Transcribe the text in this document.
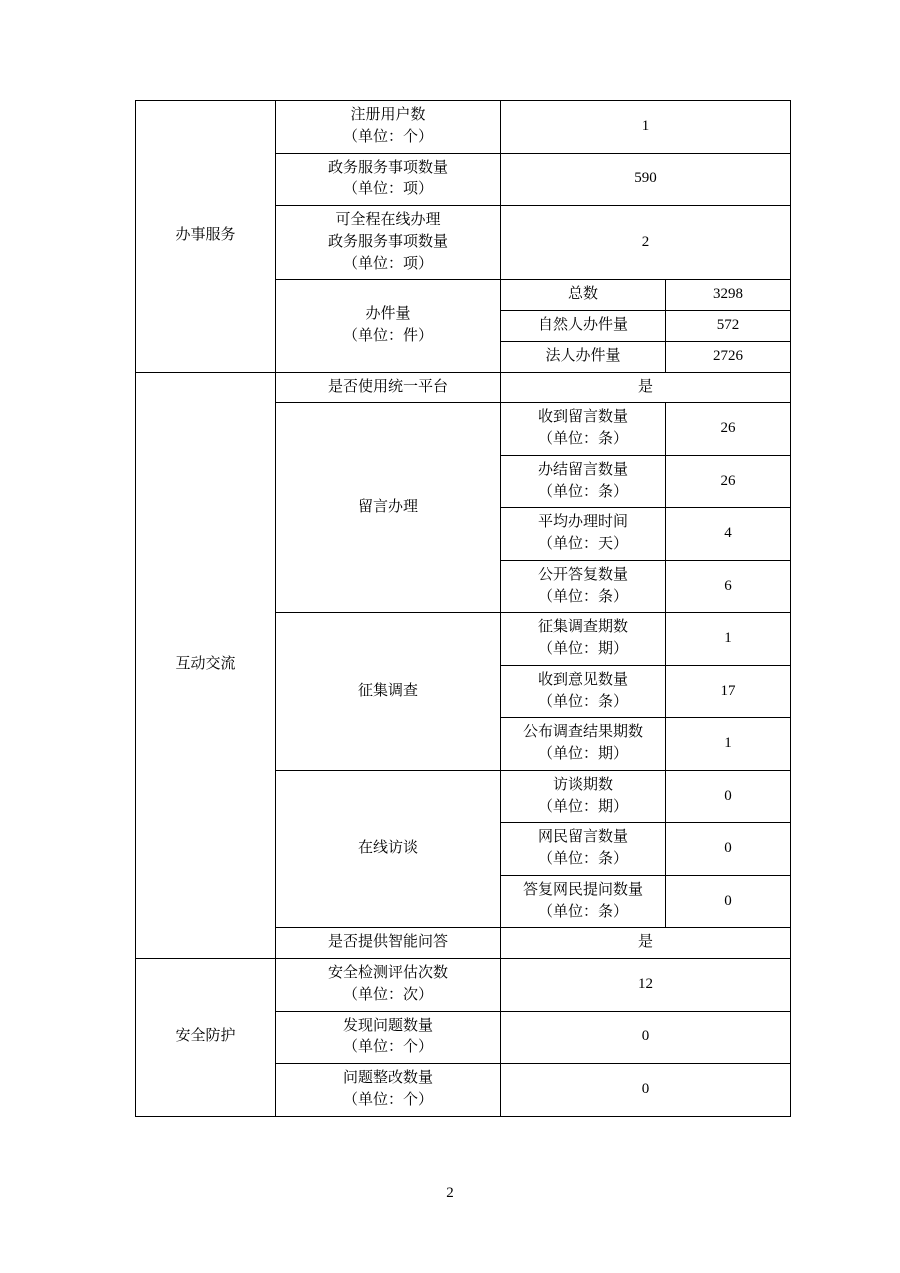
办事服务	注册用户数
（单位：个）	1	
	政务服务事项数量
（单位：项）	590	
	可全程在线办理
政务服务事项数量
（单位：项）	2	
	办件量
（单位：件）	总数	3298
		自然人办件量	572
		法人办件量	2726
互动交流	是否使用统一平台	是	
	留言办理	收到留言数量
（单位：条）	26
		办结留言数量
（单位：条）	26
		平均办理时间
（单位：天）	4
		公开答复数量
（单位：条）	6
	征集调查	征集调查期数
（单位：期）	1
		收到意见数量
（单位：条）	17
		公布调查结果期数
（单位：期）	1
	在线访谈	访谈期数
（单位：期）	0
		网民留言数量
（单位：条）	0
		答复网民提问数量
（单位：条）	0
	是否提供智能问答	是	
安全防护	安全检测评估次数
（单位：次）	12	
	发现问题数量
（单位：个）	0	
	问题整改数量
（单位：个）	0	
2
